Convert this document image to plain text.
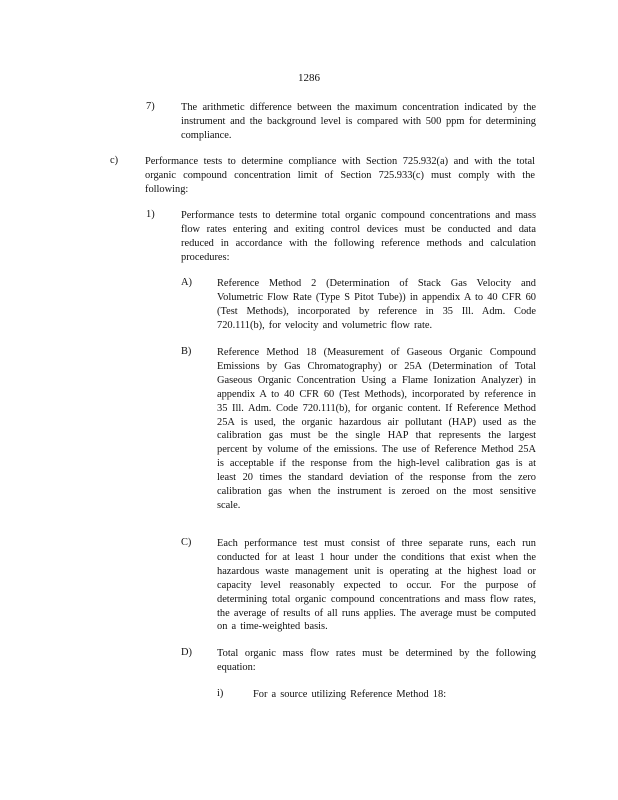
1286
7)	The arithmetic difference between the maximum concentration indicated by the instrument and the background level is compared with 500 ppm for determining compliance.

c)	Performance tests to determine compliance with Section 725.932(a) and with the total organic compound concentration limit of Section 725.933(c) must comply with the following:

1)	Performance tests to determine total organic compound concentrations and mass flow rates entering and exiting control devices must be conducted and data reduced in accordance with the following reference methods and calculation procedures:

A) Reference Method 2 (Determination of Stack Gas Velocity and Volumetric Flow Rate (Type S Pitot Tube)) in appendix A to 40 CFR 60 (Test Methods), incorporated by reference in 35 Ill. Adm. Code 720.111(b), for velocity and volumetric flow rate.

B) Reference Method 18 (Measurement of Gaseous Organic Compound Emissions by Gas Chromatography) or 25A (Determination of Total Gaseous Organic Concentration Using a Flame Ionization Analyzer) in appendix A to 40 CFR 60 (Test Methods), incorporated by reference in 35 Ill. Adm. Code 720.111(b), for organic content. If Reference Method 25A is used, the organic hazardous air pollutant (HAP) used as the calibration gas must be the single HAP that represents the largest percent by volume of the emissions. The use of Reference Method 25A is acceptable if the response from the high-level calibration gas is at least 20 times the standard deviation of the response from the zero calibration gas when the instrument is zeroed on the most sensitive scale.

C) Each performance test must consist of three separate runs, each run conducted for at least 1 hour under the conditions that exist when the hazardous waste management unit is operating at the highest load or capacity level reasonably expected to occur. For the purpose of determining total organic compound concentrations and mass flow rates, the average of results of all runs applies. The average must be computed on a time-weighted basis.

D) Total organic mass flow rates must be determined by the following equation:

i)	For a source utilizing Reference Method 18:
